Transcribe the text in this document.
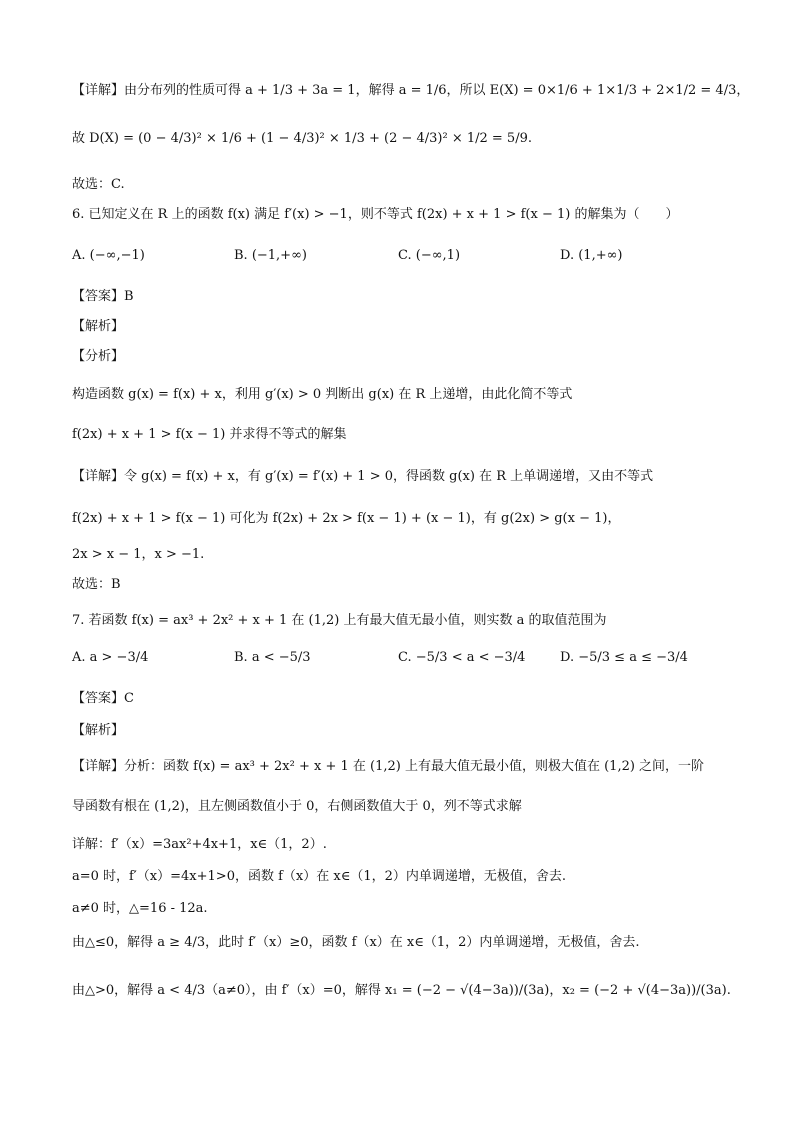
【详解】由分布列的性质可得 a + 1/3 + 3a = 1，解得 a = 1/6，所以 E(X) = 0×1/6 + 1×1/3 + 2×1/2 = 4/3，
故 D(X) = (0 − 4/3)² × 1/6 + (1 − 4/3)² × 1/3 + (2 − 4/3)² × 1/2 = 5/9.
故选：C.
6. 已知定义在 R 上的函数 f(x) 满足 f′(x) > −1，则不等式 f(2x) + x + 1 > f(x − 1) 的解集为（　　）
【答案】B
【解析】
【分析】
构造函数 g(x) = f(x) + x，利用 g′(x) > 0 判断出 g(x) 在 R 上递增，由此化简不等式
f(2x) + x + 1 > f(x − 1) 并求得不等式的解集
【详解】令 g(x) = f(x) + x，有 g′(x) = f′(x) + 1 > 0，得函数 g(x) 在 R 上单调递增，又由不等式
f(2x) + x + 1 > f(x − 1) 可化为 f(2x) + 2x > f(x − 1) + (x − 1)，有 g(2x) > g(x − 1)，
2x > x − 1，x > −1.
故选：B
7. 若函数 f(x) = ax³ + 2x² + x + 1 在 (1,2) 上有最大值无最小值，则实数 a 的取值范围为
【答案】C
【解析】
【详解】分析：函数 f(x) = ax³ + 2x² + x + 1 在 (1,2) 上有最大值无最小值，则极大值在 (1,2) 之间，一阶
导函数有根在 (1,2)，且左侧函数值小于 0，右侧函数值大于 0，列不等式求解
详解：f′（x）=3ax²+4x+1，x∈（1，2）.
a=0 时，f′（x）=4x+1>0，函数 f（x）在 x∈（1，2）内单调递增，无极值，舍去.
a≠0 时，△=16 - 12a.
由△≤0，解得 a ≥ 4/3，此时 f′（x）≥0，函数 f（x）在 x∈（1，2）内单调递增，无极值，舍去.
由△>0，解得 a < 4/3（a≠0），由 f′（x）=0，解得 x₁ = (−2 − √(4−3a))/(3a)，x₂ = (−2 + √(4−3a))/(3a).
A. (−∞,−1)	B. (−1,+∞)	C. (−∞,1)	D. (1,+∞)
A. a > −3/4	B. a < −5/3	C. −5/3 < a < −3/4	D. −5/3 ≤ a ≤ −3/4
